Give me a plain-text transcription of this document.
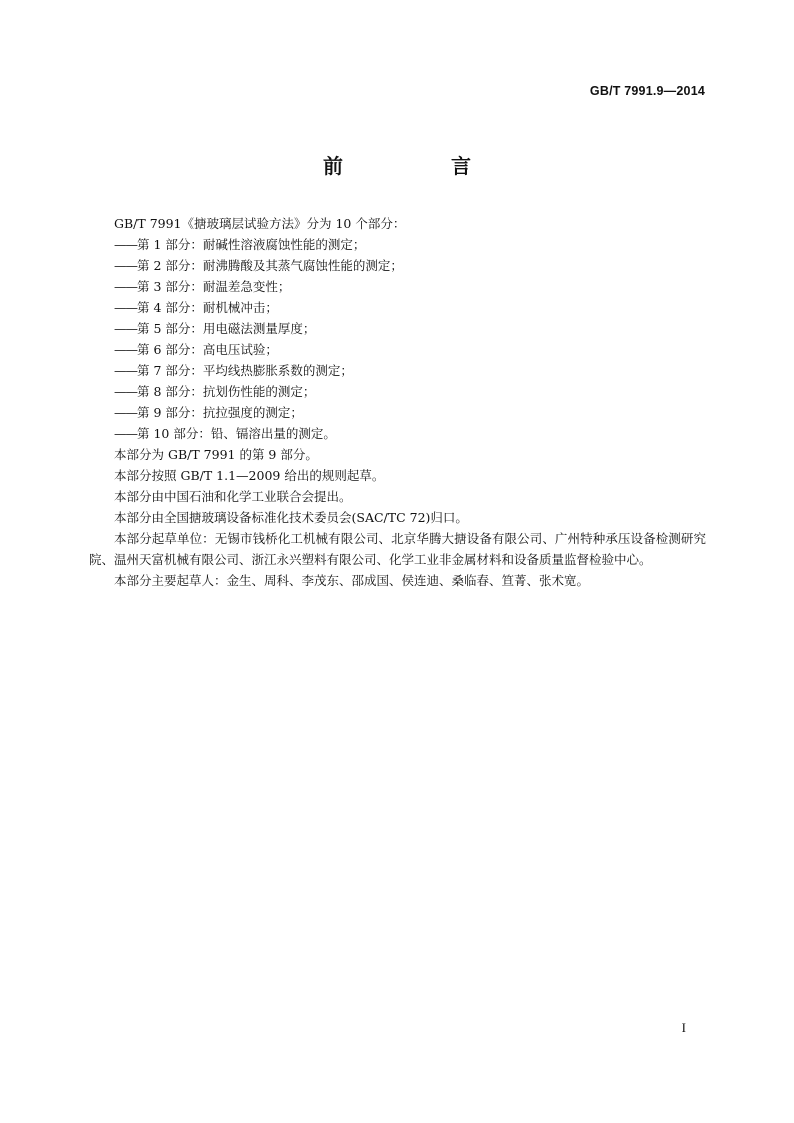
GB/T 7991.9—2014
前　言

GB/T 7991《搪玻璃层试验方法》分为 10 个部分：

——第 1 部分：耐碱性溶液腐蚀性能的测定；

——第 2 部分：耐沸腾酸及其蒸气腐蚀性能的测定；

——第 3 部分：耐温差急变性；

——第 4 部分：耐机械冲击；

——第 5 部分：用电磁法测量厚度；

——第 6 部分：高电压试验；

——第 7 部分：平均线热膨胀系数的测定；

——第 8 部分：抗划伤性能的测定；

——第 9 部分：抗拉强度的测定；

——第 10 部分：铅、镉溶出量的测定。

本部分为 GB/T 7991 的第 9 部分。

本部分按照 GB/T 1.1—2009 给出的规则起草。

本部分由中国石油和化学工业联合会提出。

本部分由全国搪玻璃设备标准化技术委员会(SAC/TC 72)归口。

本部分起草单位：无锡市钱桥化工机械有限公司、北京华腾大搪设备有限公司、广州特种承压设备检测研究院、温州天富机械有限公司、浙江永兴塑料有限公司、化学工业非金属材料和设备质量监督检验中心。

本部分主要起草人：金生、周科、李茂东、邵成国、侯连迪、桑临春、笪菁、张术宽。

I
